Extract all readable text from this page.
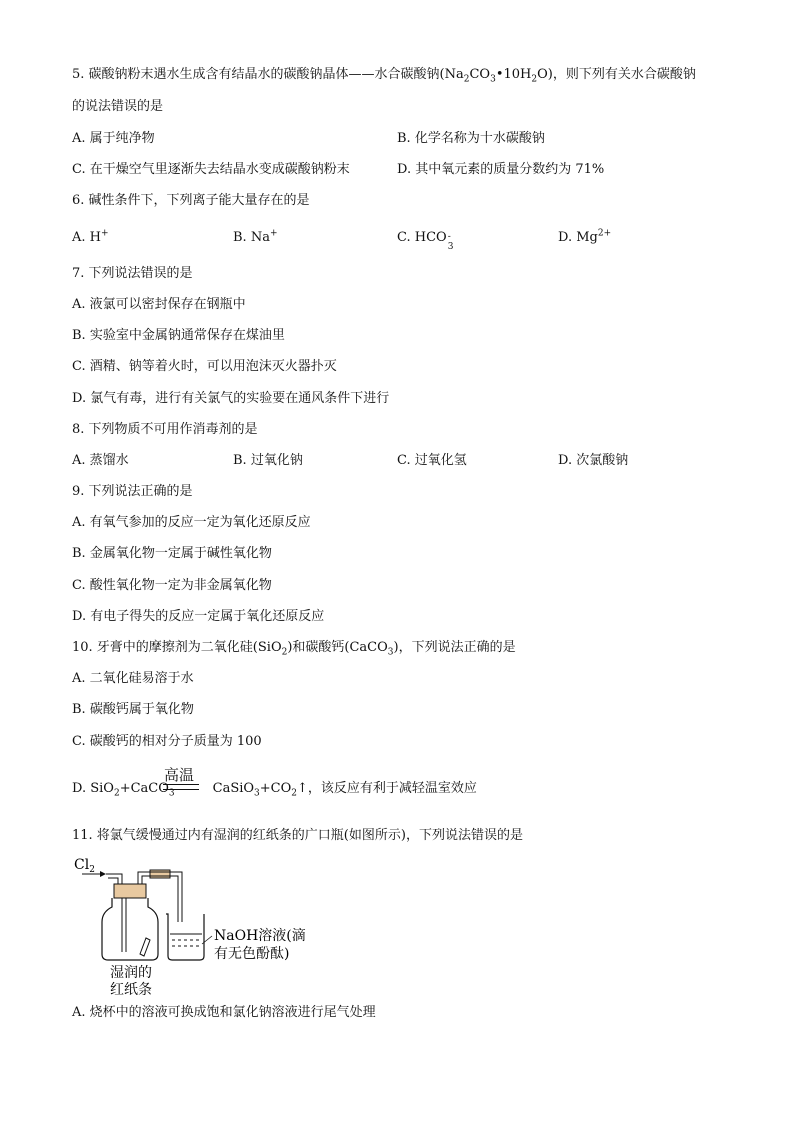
5. 碳酸钠粉末遇水生成含有结晶水的碳酸钠晶体——水合碳酸钠$(Na_2CO_3•10H_2O)$，则下列有关水合碳酸钠
的说法错误的是
A. 属于纯净物	B. 化学名称为十水碳酸钠
C. 在干燥空气里逐渐失去结晶水变成碳酸钠粉末	D. 其中氧元素的质量分数约为 71%
6. 碱性条件下，下列离子能大量存在的是
A. H+	B. Na+	C. HCO -
3
D. $Mg^{2+}$
7. 下列说法错误的是
A. 液氯可以密封保存在钢瓶中
B. 实验室中金属钠通常保存在煤油里
C. 酒精、钠等着火时，可以用泡沫灭火器扑灭
D. 氯气有毒，进行有关氯气的实验要在通风条件下进行
8. 下列物质不可用作消毒剂的是
A. 蒸馏水	B. 过氧化钠	C. 过氧化氢	D. 次氯酸钠
9. 下列说法正确的是
A. 有氧气参加的反应一定为氧化还原反应
B. 金属氧化物一定属于碱性氧化物
C. 酸性氧化物一定为非金属氧化物
D. 有电子得失的反应一定属于氧化还原反应
10. 牙膏中的摩擦剂为二氧化硅(SiO$_2$)和碳酸钙(CaCO$_3$)，下列说法正确的是
A. 二氧化硅易溶于水
B. 碳酸钙属于氧化物
C. 碳酸钙的相对分子质量为 100
高温
D. SiO$_2$+CaCO$_3$	$CaSiO_3+CO_2↑$，该反应有利于减轻温室效应
11. 将氯气缓慢通过内有湿润的红纸条的广口瓶(如图所示)，下列说法错误的是
$Cl_2$
NaOH溶液(滴
有无色酚酞)
湿润的
红纸条
A. 烧杯中的溶液可换成饱和氯化钠溶液进行尾气处理
